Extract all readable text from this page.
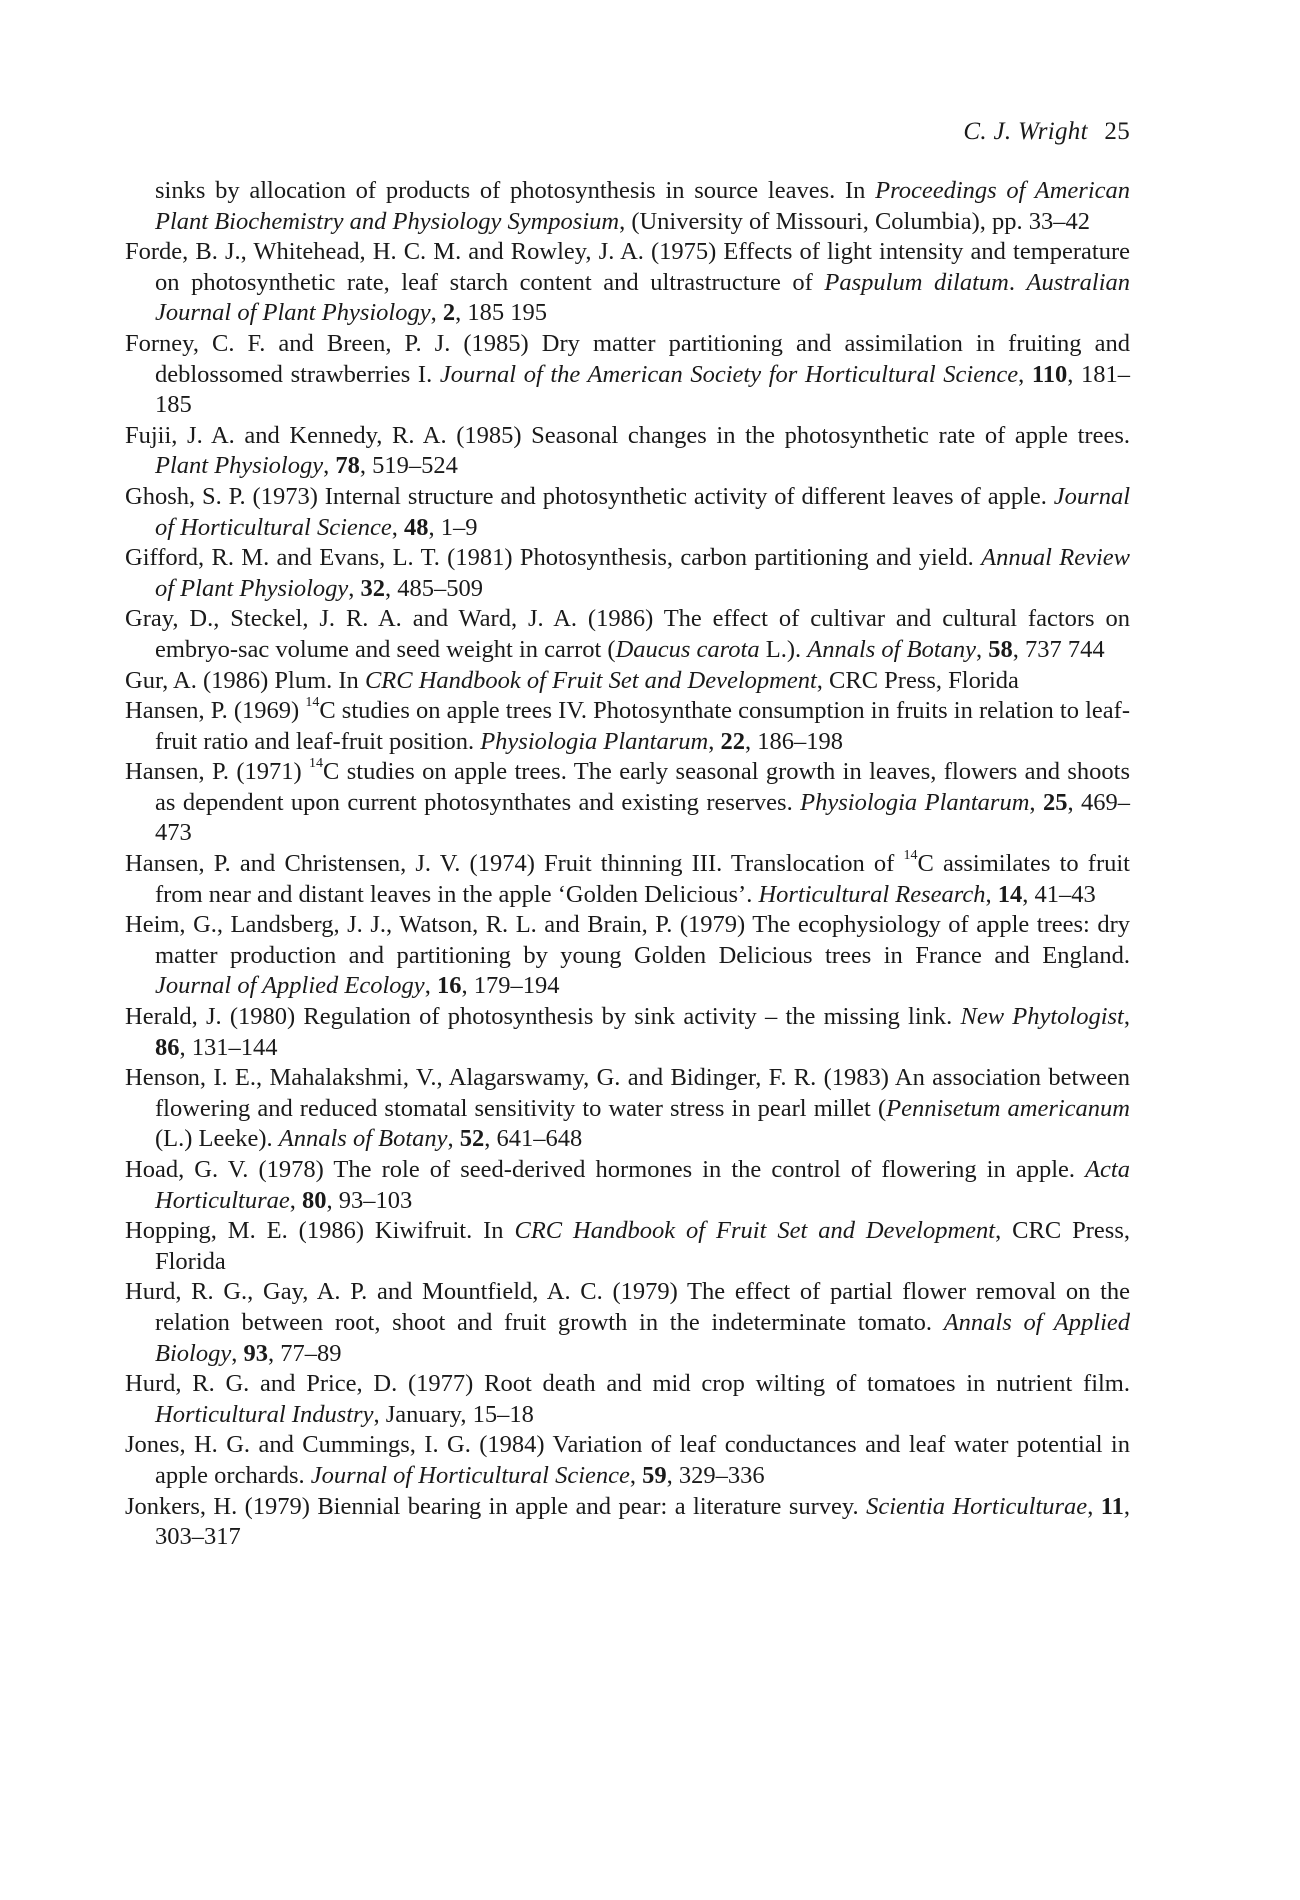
C. J. Wright 25
sinks by allocation of products of photosynthesis in source leaves. In Proceedings of American Plant Biochemistry and Physiology Symposium, (University of Missouri, Columbia), pp. 33–42
Forde, B. J., Whitehead, H. C. M. and Rowley, J. A. (1975) Effects of light intensity and temperature on photosynthetic rate, leaf starch content and ultrastructure of Paspulum dilatum. Australian Journal of Plant Physiology, 2, 185 195
Forney, C. F. and Breen, P. J. (1985) Dry matter partitioning and assimilation in fruiting and deblossomed strawberries I. Journal of the American Society for Horticultural Science, 110, 181–185
Fujii, J. A. and Kennedy, R. A. (1985) Seasonal changes in the photosynthetic rate of apple trees. Plant Physiology, 78, 519–524
Ghosh, S. P. (1973) Internal structure and photosynthetic activity of different leaves of apple. Journal of Horticultural Science, 48, 1–9
Gifford, R. M. and Evans, L. T. (1981) Photosynthesis, carbon partitioning and yield. Annual Review of Plant Physiology, 32, 485–509
Gray, D., Steckel, J. R. A. and Ward, J. A. (1986) The effect of cultivar and cultural factors on embryo-sac volume and seed weight in carrot (Daucus carota L.). Annals of Botany, 58, 737 744
Gur, A. (1986) Plum. In CRC Handbook of Fruit Set and Development, CRC Press, Florida
Hansen, P. (1969) $^{14}$C studies on apple trees IV. Photosynthate consumption in fruits in relation to leaf-fruit ratio and leaf-fruit position. Physiologia Plantarum, 22, 186–198
Hansen, P. (1971) $^{14}$C studies on apple trees. The early seasonal growth in leaves, flowers and shoots as dependent upon current photosynthates and existing reserves. Physiologia Plantarum, 25, 469–473
Hansen, P. and Christensen, J. V. (1974) Fruit thinning III. Translocation of $^{14}$C assimilates to fruit from near and distant leaves in the apple ‘Golden Delicious’. Horticultural Research, 14, 41–43
Heim, G., Landsberg, J. J., Watson, R. L. and Brain, P. (1979) The ecophysiology of apple trees: dry matter production and partitioning by young Golden Delicious trees in France and England. Journal of Applied Ecology, 16, 179–194
Herald, J. (1980) Regulation of photosynthesis by sink activity – the missing link. New Phytologist, 86, 131–144
Henson, I. E., Mahalakshmi, V., Alagarswamy, G. and Bidinger, F. R. (1983) An association between flowering and reduced stomatal sensitivity to water stress in pearl millet (Pennisetum americanum (L.) Leeke). Annals of Botany, 52, 641–648
Hoad, G. V. (1978) The role of seed-derived hormones in the control of flowering in apple. Acta Horticulturae, 80, 93–103
Hopping, M. E. (1986) Kiwifruit. In CRC Handbook of Fruit Set and Development, CRC Press, Florida
Hurd, R. G., Gay, A. P. and Mountfield, A. C. (1979) The effect of partial flower removal on the relation between root, shoot and fruit growth in the indeterminate tomato. Annals of Applied Biology, 93, 77–89
Hurd, R. G. and Price, D. (1977) Root death and mid crop wilting of tomatoes in nutrient film. Horticultural Industry, January, 15–18
Jones, H. G. and Cummings, I. G. (1984) Variation of leaf conductances and leaf water potential in apple orchards. Journal of Horticultural Science, 59, 329–336
Jonkers, H. (1979) Biennial bearing in apple and pear: a literature survey. Scientia Horticulturae, 11, 303–317
